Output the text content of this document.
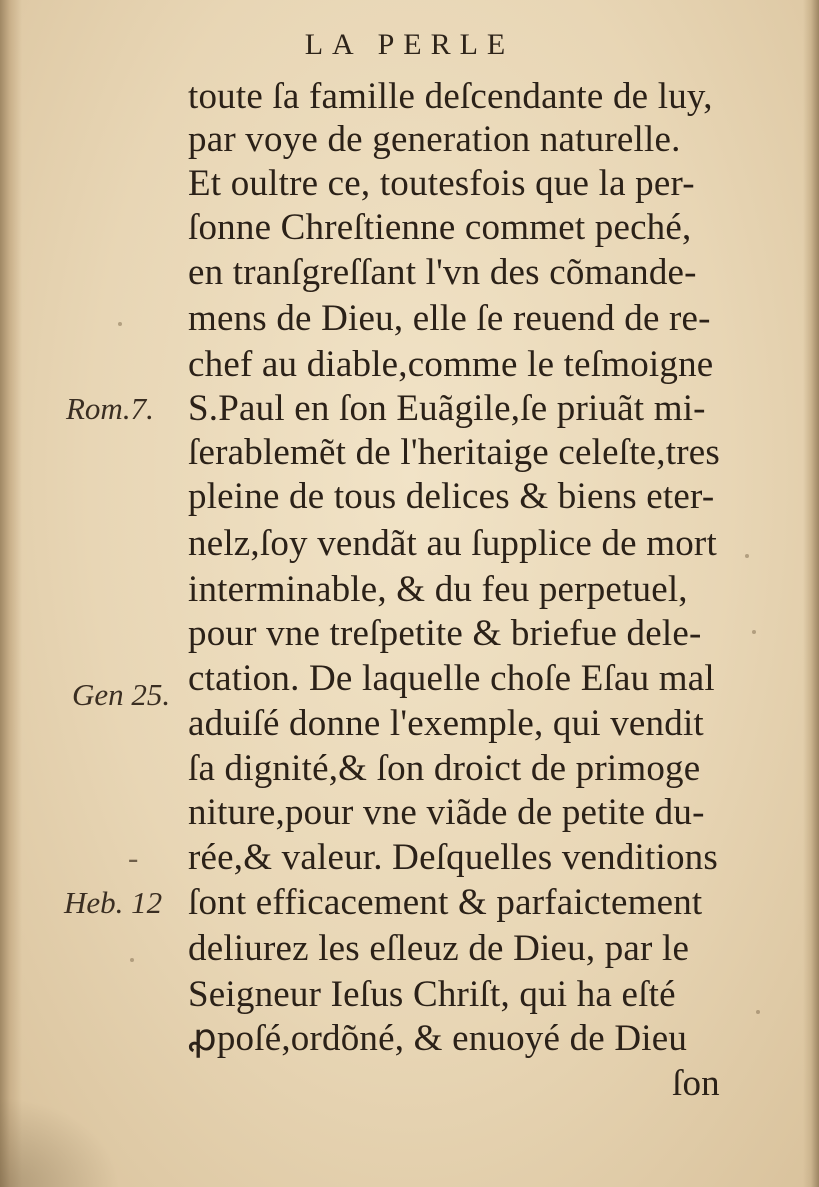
LA PERLE
toute ſa famille deſcendante de luy,
par voye de generation naturelle.
Et oultre ce, toutesfois que la per-
ſonne Chreſtienne commet peché,
en tranſgreſſant l'vn des cõmande-
mens de Dieu, elle ſe reuend de re-
chef au diable,comme le teſmoigne
S.Paul en ſon Euãgile,ſe priuãt mi-
ſerablemẽt de l'heritaige celeſte,tres
pleine de tous delices & biens eter-
nelz,ſoy vendãt au ſupplice de mort
interminable, & du feu perpetuel,
pour vne treſpetite & briefue dele-
ctation. De laquelle choſe Eſau mal
aduiſé donne l'exemple, qui vendit
ſa dignité,& ſon droict de primoge
niture,pour vne viãde de petite du-
rée,& valeur. Deſquelles venditions
ſont efficacement & parfaictement
deliurez les eſleuz de Dieu, par le
Seigneur Ieſus Chriſt, qui ha eſté
ꝓpoſé,ordõné, & enuoyé de Dieu
ſon
Rom.7.
Gen 25.
-
Heb. 12
